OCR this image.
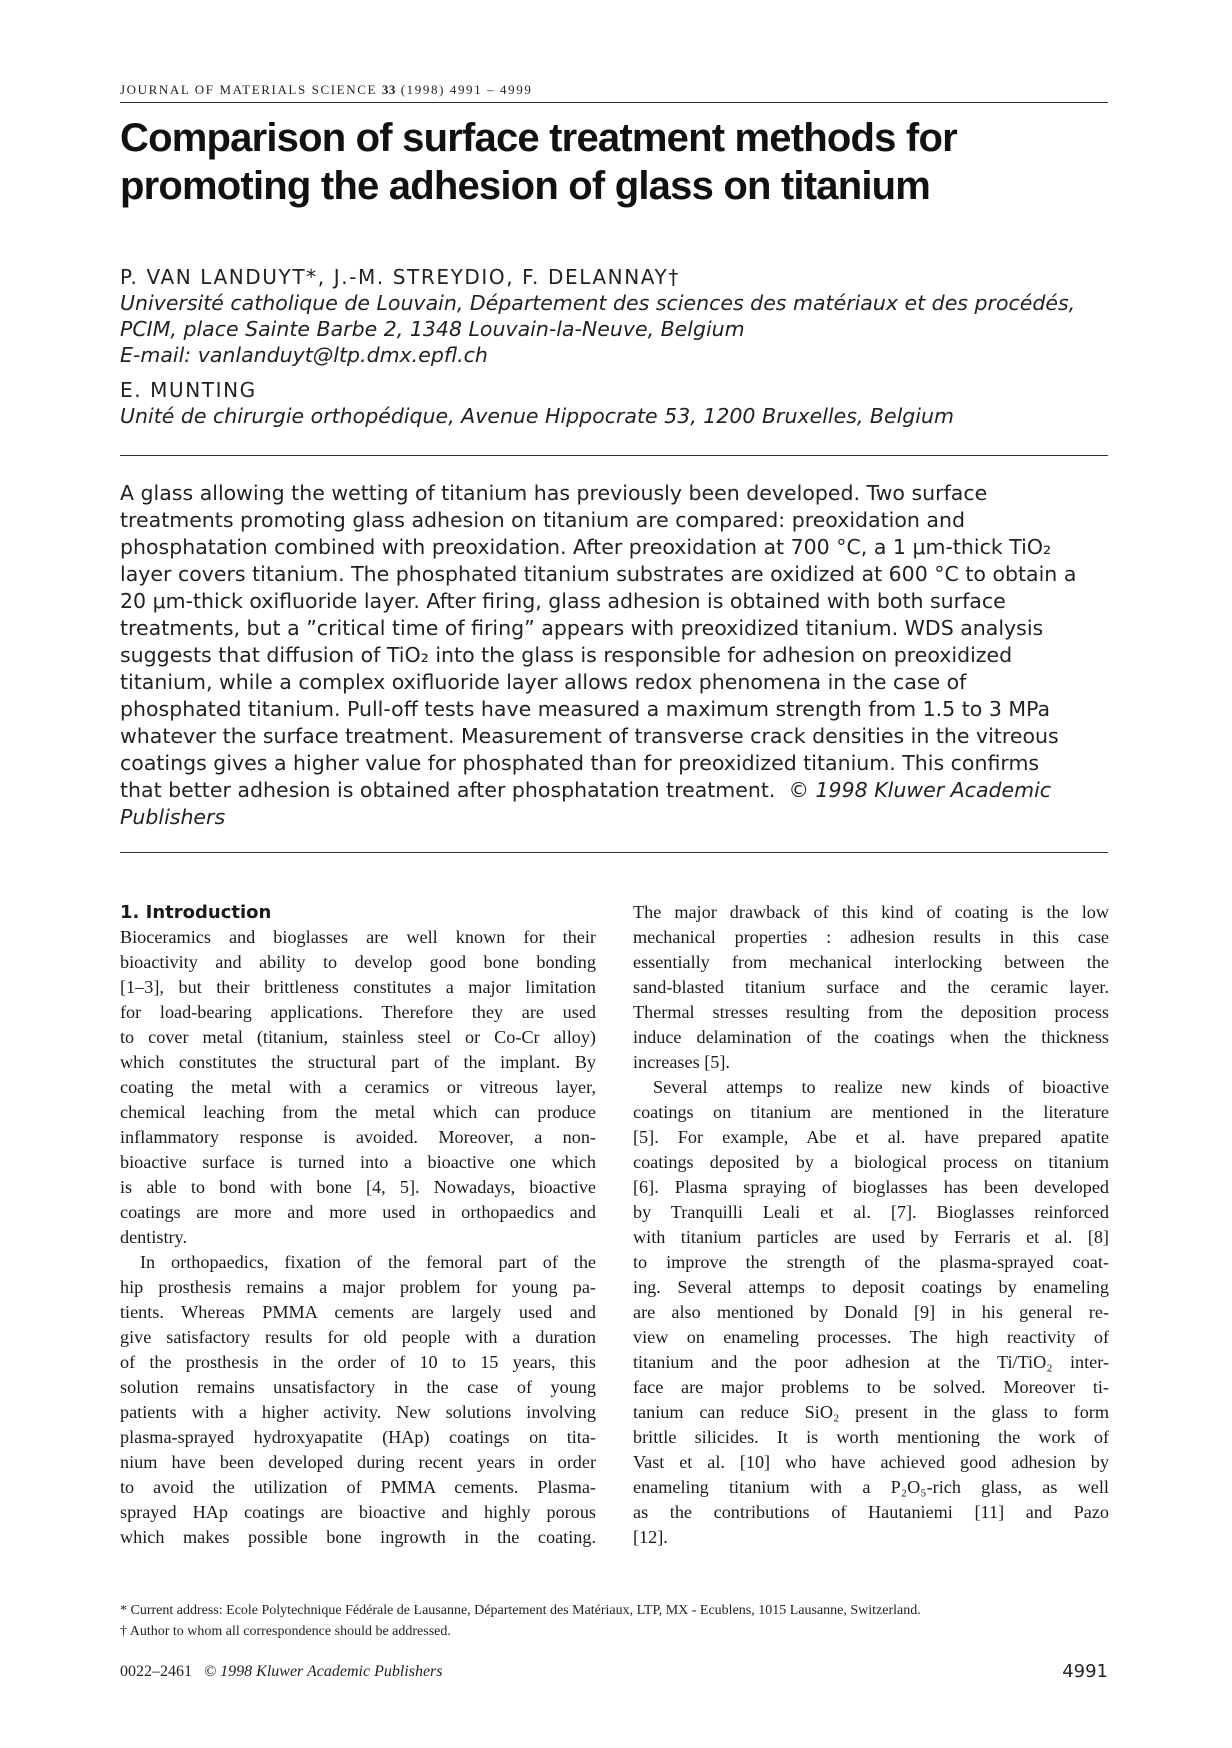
JOURNAL OF MATERIALS SCIENCE 33 (1998) 4991 – 4999
Comparison of surface treatment methods for
promoting the adhesion of glass on titanium
P. VAN LANDUYT*, J.-M. STREYDIO, F. DELANNAY†
Université catholique de Louvain, Département des sciences des matériaux et des procédés,
PCIM, place Sainte Barbe 2, 1348 Louvain-la-Neuve, Belgium
E-mail: vanlanduyt@ltp.dmx.epfl.ch
E. MUNTING
Unité de chirurgie orthopédique, Avenue Hippocrate 53, 1200 Bruxelles, Belgium
A glass allowing the wetting of titanium has previously been developed. Two surface
treatments promoting glass adhesion on titanium are compared: preoxidation and
phosphatation combined with preoxidation. After preoxidation at 700 °C, a 1 μm-thick TiO₂
layer covers titanium. The phosphated titanium substrates are oxidized at 600 °C to obtain a
20 μm-thick oxifluoride layer. After firing, glass adhesion is obtained with both surface
treatments, but a ”critical time of firing” appears with preoxidized titanium. WDS analysis
suggests that diffusion of TiO₂ into the glass is responsible for adhesion on preoxidized
titanium, while a complex oxifluoride layer allows redox phenomena in the case of
phosphated titanium. Pull-off tests have measured a maximum strength from 1.5 to 3 MPa
whatever the surface treatment. Measurement of transverse crack densities in the vitreous
coatings gives a higher value for phosphated than for preoxidized titanium. This confirms
that better adhesion is obtained after phosphatation treatment. © 1998 Kluwer Academic
Publishers
1. Introduction
Bioceramics and bioglasses are well known for their
bioactivity and ability to develop good bone bonding
[1–3], but their brittleness constitutes a major limitation
for load-bearing applications. Therefore they are used
to cover metal (titanium, stainless steel or Co-Cr alloy)
which constitutes the structural part of the implant. By
coating the metal with a ceramics or vitreous layer,
chemical leaching from the metal which can produce
inflammatory response is avoided. Moreover, a non-
bioactive surface is turned into a bioactive one which
is able to bond with bone [4, 5]. Nowadays, bioactive
coatings are more and more used in orthopaedics and
dentistry.
In orthopaedics, fixation of the femoral part of the
hip prosthesis remains a major problem for young pa-
tients. Whereas PMMA cements are largely used and
give satisfactory results for old people with a duration
of the prosthesis in the order of 10 to 15 years, this
solution remains unsatisfactory in the case of young
patients with a higher activity. New solutions involving
plasma-sprayed hydroxyapatite (HAp) coatings on tita-
nium have been developed during recent years in order
to avoid the utilization of PMMA cements. Plasma-
sprayed HAp coatings are bioactive and highly porous
which makes possible bone ingrowth in the coating.
The major drawback of this kind of coating is the low
mechanical properties : adhesion results in this case
essentially from mechanical interlocking between the
sand-blasted titanium surface and the ceramic layer.
Thermal stresses resulting from the deposition process
induce delamination of the coatings when the thickness
increases [5].
Several attemps to realize new kinds of bioactive
coatings on titanium are mentioned in the literature
[5]. For example, Abe et al. have prepared apatite
coatings deposited by a biological process on titanium
[6]. Plasma spraying of bioglasses has been developed
by Tranquilli Leali et al. [7]. Bioglasses reinforced
with titanium particles are used by Ferraris et al. [8]
to improve the strength of the plasma-sprayed coat-
ing. Several attemps to deposit coatings by enameling
are also mentioned by Donald [9] in his general re-
view on enameling processes. The high reactivity of
titanium and the poor adhesion at the Ti/TiO₂ inter-
face are major problems to be solved. Moreover ti-
tanium can reduce SiO₂ present in the glass to form
brittle silicides. It is worth mentioning the work of
Vast et al. [10] who have achieved good adhesion by
enameling titanium with a P₂O₅-rich glass, as well
as the contributions of Hautaniemi [11] and Pazo
[12].
* Current address: Ecole Polytechnique Fédérale de Lausanne, Département des Matériaux, LTP, MX - Ecublens, 1015 Lausanne, Switzerland.
† Author to whom all correspondence should be addressed.
0022–2461 © 1998 Kluwer Academic Publishers	4991
